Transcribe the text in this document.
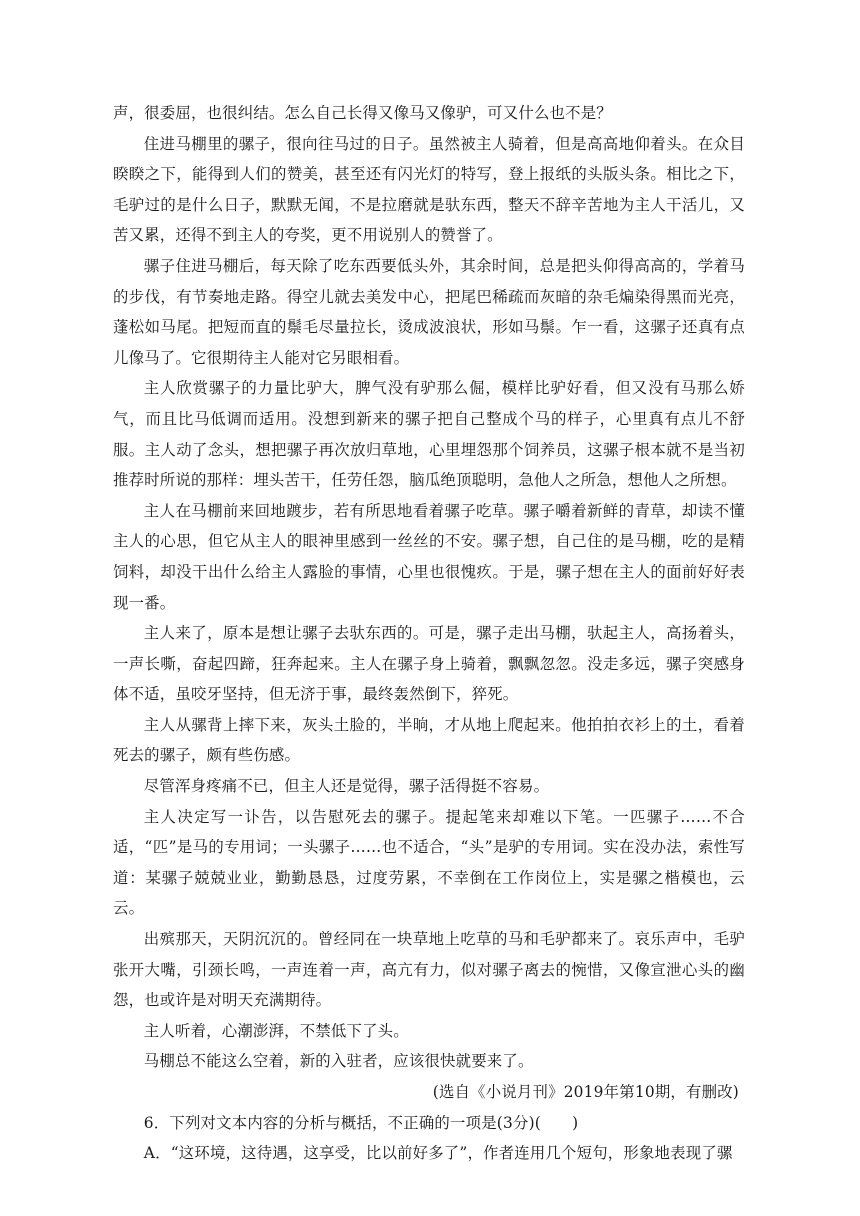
声，很委屈，也很纠结。怎么自己长得又像马又像驴，可又什么也不是？

住进马棚里的骡子，很向往马过的日子。虽然被主人骑着，但是高高地仰着头。在众目睽睽之下，能得到人们的赞美，甚至还有闪光灯的特写，登上报纸的头版头条。相比之下，毛驴过的是什么日子，默默无闻，不是拉磨就是驮东西，整天不辞辛苦地为主人干活儿，又苦又累，还得不到主人的夸奖，更不用说别人的赞誉了。

骡子住进马棚后，每天除了吃东西要低头外，其余时间，总是把头仰得高高的，学着马的步伐，有节奏地走路。得空儿就去美发中心，把尾巴稀疏而灰暗的杂毛煸染得黑而光亮，蓬松如马尾。把短而直的鬃毛尽量拉长，烫成波浪状，形如马鬃。乍一看，这骡子还真有点儿像马了。它很期待主人能对它另眼相看。

主人欣赏骡子的力量比驴大，脾气没有驴那么倔，模样比驴好看，但又没有马那么娇气，而且比马低调而适用。没想到新来的骡子把自己整成个马的样子，心里真有点儿不舒服。主人动了念头，想把骡子再次放归草地，心里埋怨那个饲养员，这骡子根本就不是当初推荐时所说的那样：埋头苦干，任劳任怨，脑瓜绝顶聪明，急他人之所急，想他人之所想。

主人在马棚前来回地踱步，若有所思地看着骡子吃草。骡子嚼着新鲜的青草，却读不懂主人的心思，但它从主人的眼神里感到一丝丝的不安。骡子想，自己住的是马棚，吃的是精饲料，却没干出什么给主人露脸的事情，心里也很愧疚。于是，骡子想在主人的面前好好表现一番。

主人来了，原本是想让骡子去驮东西的。可是，骡子走出马棚，驮起主人，高扬着头，一声长嘶，奋起四蹄，狂奔起来。主人在骡子身上骑着，飘飘忽忽。没走多远，骡子突感身体不适，虽咬牙坚持，但无济于事，最终轰然倒下，猝死。

主人从骡背上摔下来，灰头土脸的，半晌，才从地上爬起来。他拍拍衣衫上的土，看着死去的骡子，颇有些伤感。

尽管浑身疼痛不已，但主人还是觉得，骡子活得挺不容易。

主人决定写一讣告，以告慰死去的骡子。提起笔来却难以下笔。一匹骡子……不合适，“匹”是马的专用词；一头骡子……也不适合，“头”是驴的专用词。实在没办法，索性写道：某骡子兢兢业业，勤勤恳恳，过度劳累，不幸倒在工作岗位上，实是骡之楷模也，云云。

出殡那天，天阴沉沉的。曾经同在一块草地上吃草的马和毛驴都来了。哀乐声中，毛驴张开大嘴，引颈长鸣，一声连着一声，高亢有力，似对骡子离去的惋惜，又像宣泄心头的幽怨，也或许是对明天充满期待。

主人听着，心潮澎湃，不禁低下了头。

马棚总不能这么空着，新的入驻者，应该很快就要来了。

(选自《小说月刊》2019年第10期，有删改)

6．下列对文本内容的分析与概括，不正确的一项是(3分)(　　)

A．“这环境，这待遇，这享受，比以前好多了”，作者连用几个短句，形象地表现了骡
